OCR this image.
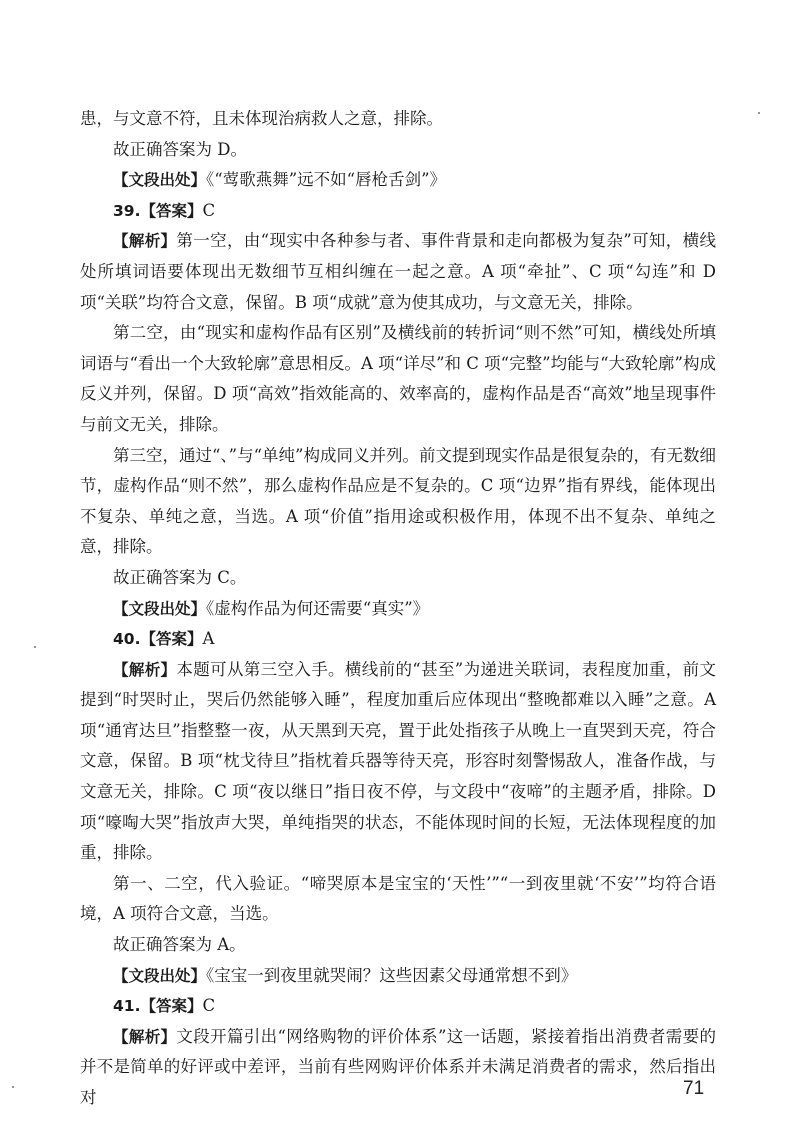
患，与文意不符，且未体现治病救人之意，排除。

故正确答案为 D。

【文段出处】《“莺歌燕舞”远不如“唇枪舌剑”》

39.【答案】C

【解析】第一空，由“现实中各种参与者、事件背景和走向都极为复杂”可知，横线处所填词语要体现出无数细节互相纠缠在一起之意。A 项“牵扯”、C 项“勾连”和 D 项“关联”均符合文意，保留。B 项“成就”意为使其成功，与文意无关，排除。

第二空，由“现实和虚构作品有区别”及横线前的转折词“则不然”可知，横线处所填词语与“看出一个大致轮廓”意思相反。A 项“详尽”和 C 项“完整”均能与“大致轮廓”构成反义并列，保留。D 项“高效”指效能高的、效率高的，虚构作品是否“高效”地呈现事件与前文无关，排除。

第三空，通过“、”与“单纯”构成同义并列。前文提到现实作品是很复杂的，有无数细节，虚构作品“则不然”，那么虚构作品应是不复杂的。C 项“边界”指有界线，能体现出不复杂、单纯之意，当选。A 项“价值”指用途或积极作用，体现不出不复杂、单纯之意，排除。

故正确答案为 C。

【文段出处】《虚构作品为何还需要“真实”》

40.【答案】A

【解析】本题可从第三空入手。横线前的“甚至”为递进关联词，表程度加重，前文提到“时哭时止，哭后仍然能够入睡”，程度加重后应体现出“整晚都难以入睡”之意。A 项“通宵达旦”指整整一夜，从天黑到天亮，置于此处指孩子从晚上一直哭到天亮，符合文意，保留。B 项“枕戈待旦”指枕着兵器等待天亮，形容时刻警惕敌人，准备作战，与文意无关，排除。C 项“夜以继日”指日夜不停，与文段中“夜啼”的主题矛盾，排除。D 项“嚎啕大哭”指放声大哭，单纯指哭的状态，不能体现时间的长短，无法体现程度的加重，排除。

第一、二空，代入验证。“啼哭原本是宝宝的‘天性’”“一到夜里就‘不安’”均符合语境，A 项符合文意，当选。

故正确答案为 A。

【文段出处】《宝宝一到夜里就哭闹？这些因素父母通常想不到》

41.【答案】C

【解析】文段开篇引出“网络购物的评价体系”这一话题，紧接着指出消费者需要的并不是简单的好评或中差评，当前有些网购评价体系并未满足消费者的需求，然后指出对	71
